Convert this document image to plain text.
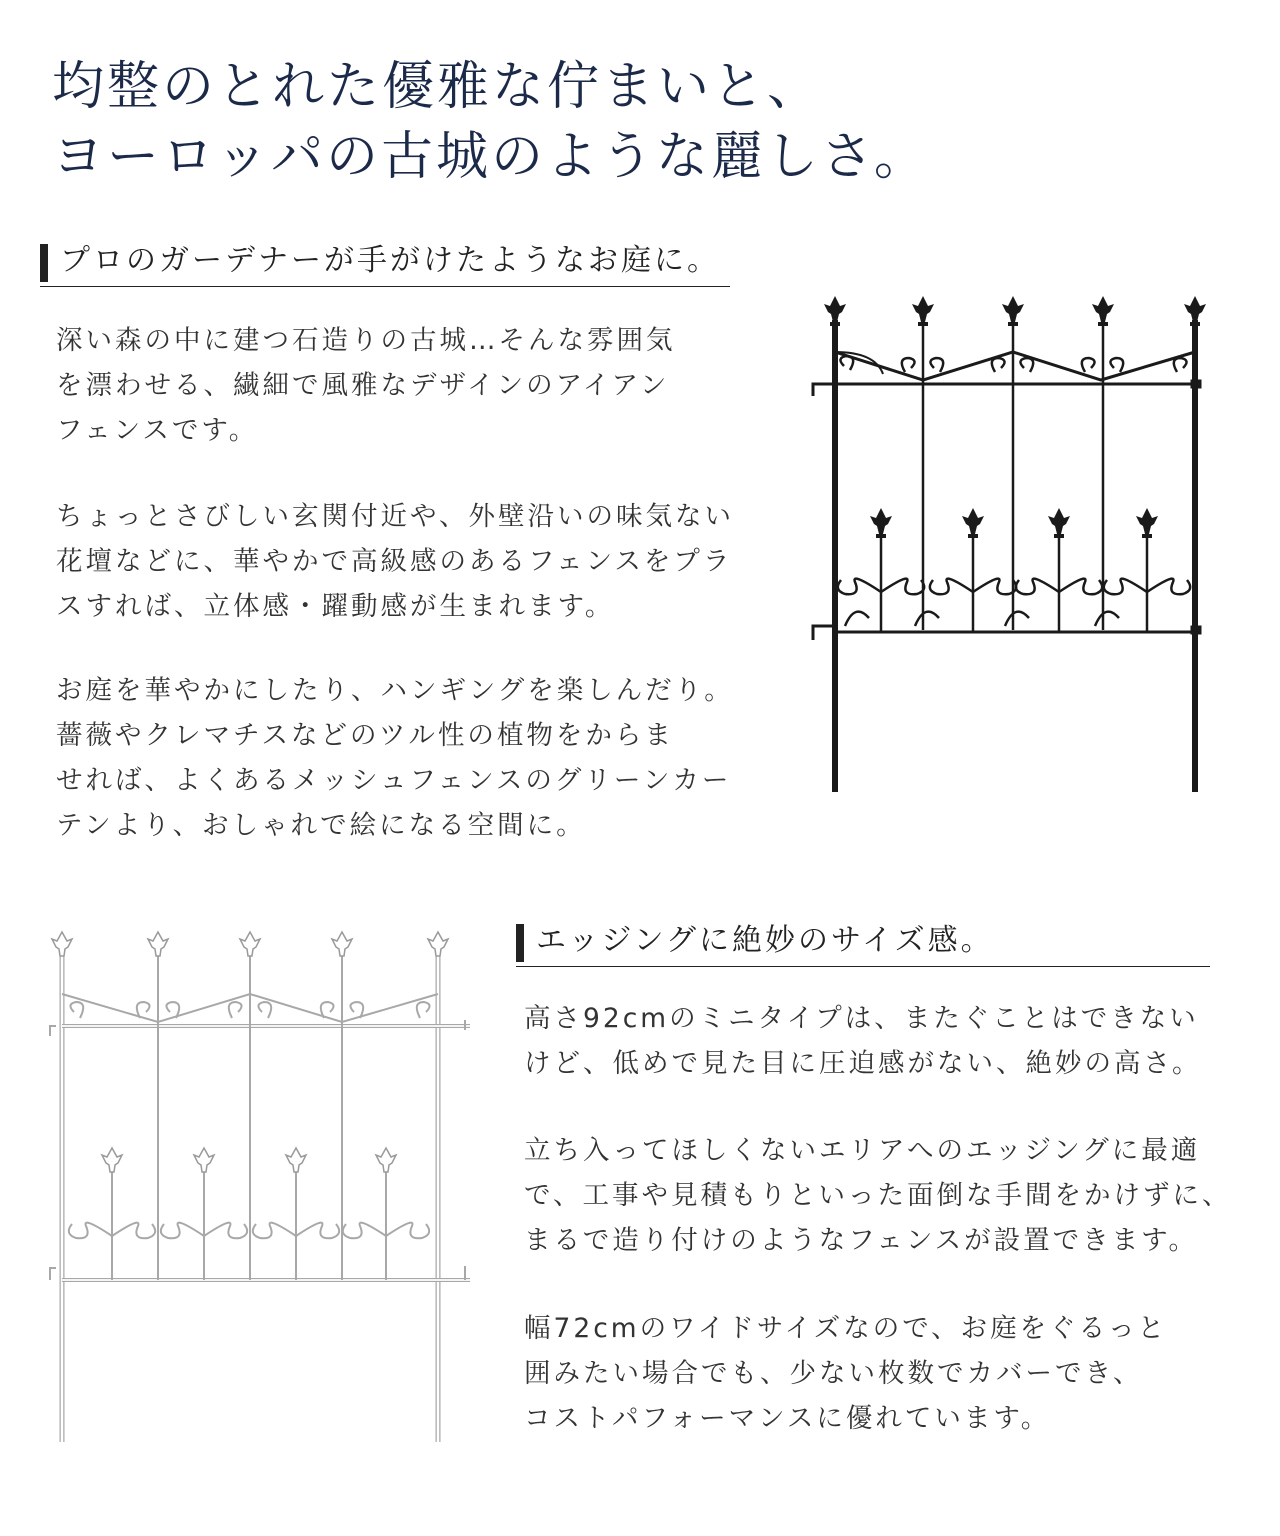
均整のとれた優雅な佇まいと、
ヨーロッパの古城のような麗しさ。
プロのガーデナーが手がけたようなお庭に。
深い森の中に建つ石造りの古城…そんな雰囲気
を漂わせる、繊細で風雅なデザインのアイアン
フェンスです。
ちょっとさびしい玄関付近や、外壁沿いの味気ない
花壇などに、華やかで高級感のあるフェンスをプラ
スすれば、立体感・躍動感が生まれます。
お庭を華やかにしたり、ハンギングを楽しんだり。
薔薇やクレマチスなどのツル性の植物をからま
せれば、よくあるメッシュフェンスのグリーンカー
テンより、おしゃれで絵になる空間に。
エッジングに絶妙のサイズ感。
高さ92cmのミニタイプは、またぐことはできない
けど、低めで見た目に圧迫感がない、絶妙の高さ。
立ち入ってほしくないエリアへのエッジングに最適
で、工事や見積もりといった面倒な手間をかけずに、
まるで造り付けのようなフェンスが設置できます。
幅72cmのワイドサイズなので、お庭をぐるっと
囲みたい場合でも、少ない枚数でカバーでき、
コストパフォーマンスに優れています。
